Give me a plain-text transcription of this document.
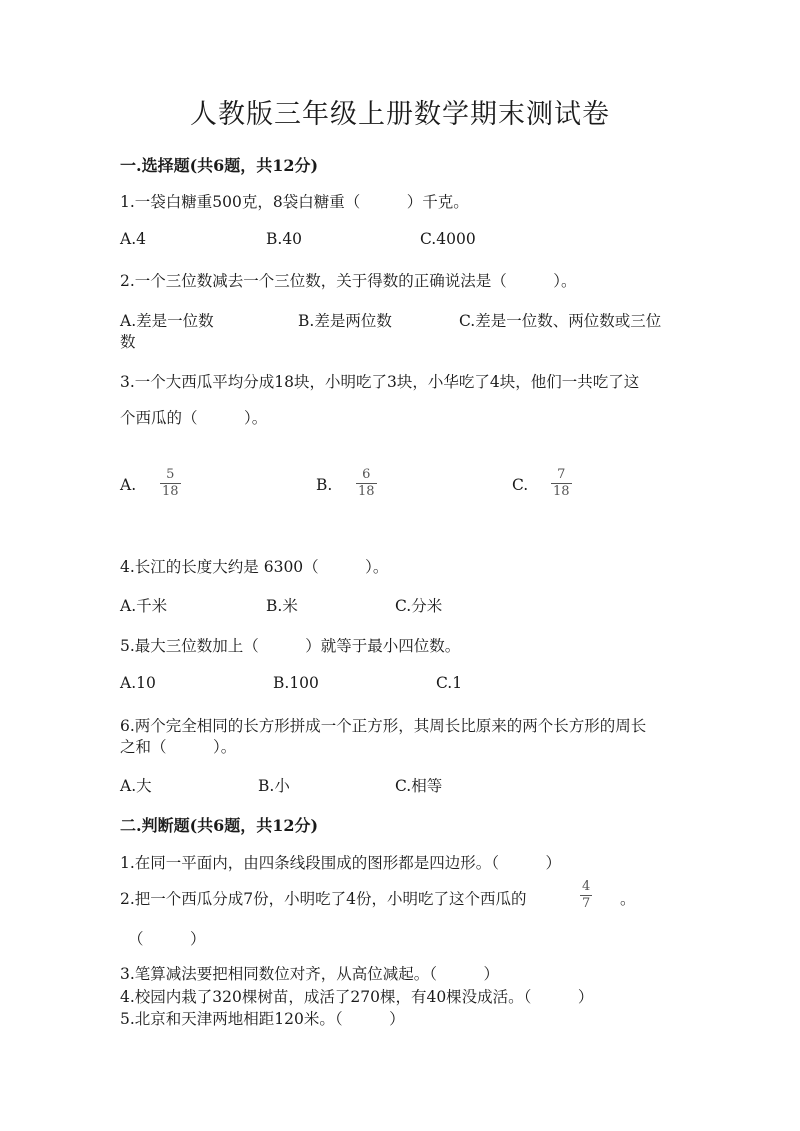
人教版三年级上册数学期末测试卷
一.选择题(共6题，共12分)
1.一袋白糖重500克，8袋白糖重（　　　）千克。
A.4	B.40	C.4000
2.一个三位数减去一个三位数，关于得数的正确说法是（　　　）。
A.差是一位数	B.差是两位数	C.差是一位数、两位数或三位
数
3.一个大西瓜平均分成18块，小明吃了3块，小华吃了4块，他们一共吃了这
个西瓜的（　　　）。
A.
5
18	B.
6
18	C.
7
18
4.长江的长度大约是 6300（　　　）。
A.千米	B.米	C.分米
5.最大三位数加上（　　　）就等于最小四位数。
A.10	B.100	C.1
6.两个完全相同的长方形拼成一个正方形，其周长比原来的两个长方形的周长
之和（　　　）。
A.大	B.小	C.相等
二.判断题(共6题，共12分)
1.在同一平面内，由四条线段围成的图形都是四边形。（　　　）
2.把一个西瓜分成7份，小明吃了4份，小明吃了这个西瓜的
4
7 。
（　　　）
3.笔算减法要把相同数位对齐，从高位减起。（　　　）
4.校园内栽了320棵树苗，成活了270棵，有40棵没成活。（　　　）
5.北京和天津两地相距120米。（　　　）
